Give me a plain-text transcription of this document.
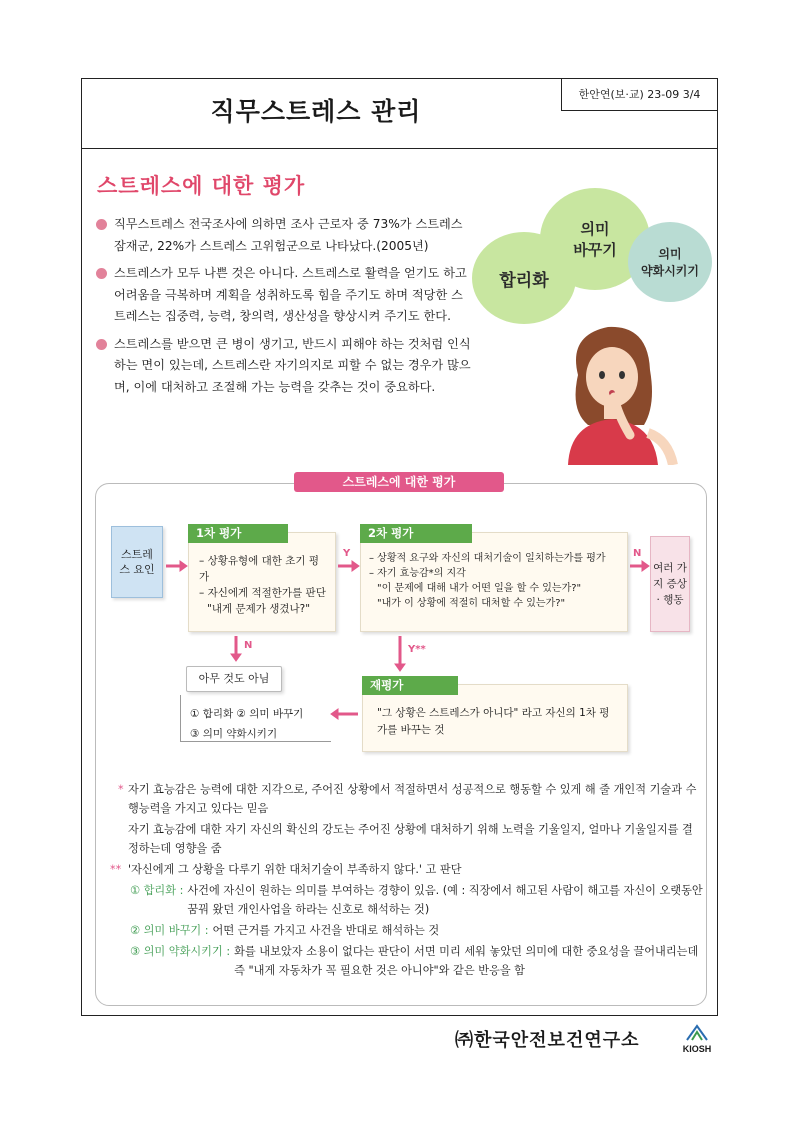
직무스트레스 관리
한안연(보·교) 23-09 3/4
스트레스에 대한 평가
직무스트레스 전국조사에 의하면 조사 근로자 중 73%가 스트레스 잠재군, 22%가 스트레스 고위험군으로 나타났다.(2005년)
스트레스가 모두 나쁜 것은 아니다. 스트레스로 활력을 얻기도 하고 어려움을 극복하며 계획을 성취하도록 힘을 주기도 하며 적당한 스트레스는 집중력, 능력, 창의력, 생산성을 향상시켜 주기도 한다.
스트레스를 받으면 큰 병이 생기고, 반드시 피해야 하는 것처럼 인식하는 면이 있는데, 스트레스란 자기의지로 피할 수 없는 경우가 많으며, 이에 대처하고 조절해 가는 능력을 갖추는 것이 중요하다.
합리화
의미
바꾸기	의미
약화시키기
스트레스에 대한 평가
스트레스 요인
– 상황유형에 대한 초기 평가
– 자신에게 적절한가를 판단
"내게 문제가 생겼나?"
1차 평가
– 상황적 요구와 자신의 대처기술이 일치하는가를 평가
– 자기 효능감*의 지각
"이 문제에 대해 내가 어떤 일을 할 수 있는가?"
"내가 이 상황에 적절히 대처할 수 있는가?"
2차 평가
여러 가지 증상 · 행동
Y	N
N	Y**
아무 것도 아님
① 합리화 ② 의미 바꾸기
③ 의미 약화시키기
"그 상황은 스트레스가 아니다" 라고 자신의 1차 평가를 바꾸는 것
재평가
* 자기 효능감은 능력에 대한 지각으로, 주어진 상황에서 적절하면서 성공적으로 행동할 수 있게 해 줄 개인적 기술과 수행능력을 가지고 있다는 믿음
자기 효능감에 대한 자기 자신의 확신의 강도는 주어진 상황에 대처하기 위해 노력을 기울일지, 얼마나 기울일지를 결정하는데 영향을 줌
** '자신에게 그 상황을 다루기 위한 대처기술이 부족하지 않다.' 고 판단
① 합리화 : 사건에 자신이 원하는 의미를 부여하는 경향이 있음. (예 : 직장에서 해고된 사람이 해고를 자신이 오랫동안 꿈꿔 왔던 개인사업을 하라는 신호로 해석하는 것)
② 의미 바꾸기 : 어떤 근거를 가지고 사건을 반대로 해석하는 것
③ 의미 약화시키기 : 화를 내보았자 소용이 없다는 판단이 서면 미리 세워 놓았던 의미에 대한 중요성을 끌어내리는데 즉 "내게 자동차가 꼭 필요한 것은 아니야"와 같은 반응을 함
㈜한국안전보건연구소	KIOSH
